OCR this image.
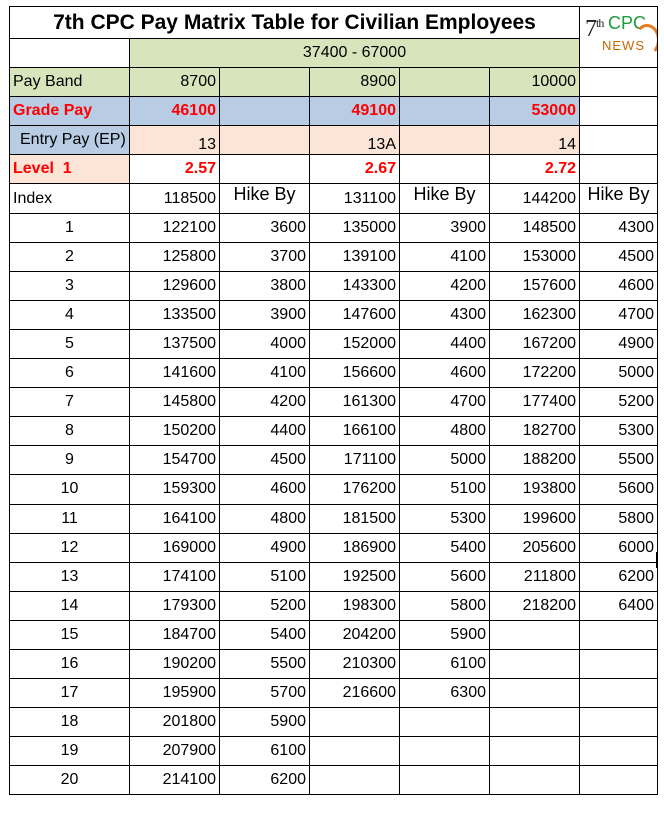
7th CPC Pay Matrix Table for Civilian Employees						7th CPC
NEWS

	37400 - 67000					
Pay Band	8700		8900		10000	
Grade Pay	46100		49100		53000	
Entry Pay (EP)	13		13A		14	
Level  1	2.57		2.67		2.72	
Index	118500	Hike By	131100	Hike By	144200	Hike By
1	122100	3600	135000	3900	148500	4300
2	125800	3700	139100	4100	153000	4500
3	129600	3800	143300	4200	157600	4600
4	133500	3900	147600	4300	162300	4700
5	137500	4000	152000	4400	167200	4900
6	141600	4100	156600	4600	172200	5000
7	145800	4200	161300	4700	177400	5200
8	150200	4400	166100	4800	182700	5300
9	154700	4500	171100	5000	188200	5500
10	159300	4600	176200	5100	193800	5600
11	164100	4800	181500	5300	199600	5800
12	169000	4900	186900	5400	205600	6000
13	174100	5100	192500	5600	211800	6200
14	179300	5200	198300	5800	218200	6400
15	184700	5400	204200	5900		
16	190200	5500	210300	6100		
17	195900	5700	216600	6300		
18	201800	5900				
19	207900	6100				
20	214100	6200				
